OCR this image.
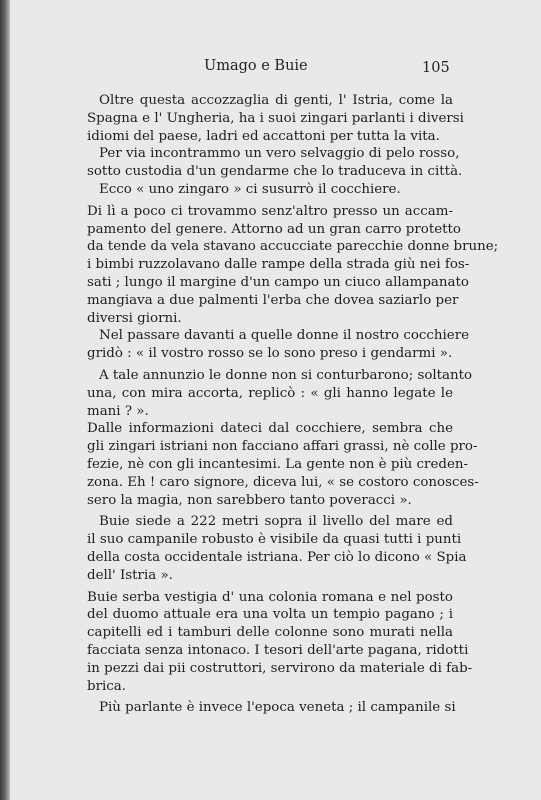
Umago e Buie	105

Oltre questa accozzaglia di genti, l' Istria, come la
Spagna e l' Ungheria, ha i suoi zingari parlanti i diversi
idiomi del paese, ladri ed accattoni per tutta la vita.

Per via incontrammo un vero selvaggio di pelo rosso,
sotto custodia d'un gendarme che lo traduceva in città.

Ecco « uno zingaro » ci susurrò il cocchiere.

Di lì a poco ci trovammo senz'altro presso un accam-
pamento del genere. Attorno ad un gran carro protetto
da tende da vela stavano accucciate parecchie donne brune;
i bimbi ruzzolavano dalle rampe della strada giù nei fos-
sati ; lungo il margine d'un campo un ciuco allampanato
mangiava a due palmenti l'erba che dovea saziarlo per
diversi giorni.

Nel passare davanti a quelle donne il nostro cocchiere
gridò : « il vostro rosso se lo sono preso i gendarmi ».

A tale annunzio le donne non si conturbarono; soltanto
una, con mira accorta, replicò : « gli hanno legate le
mani ? ».

Dalle informazioni dateci dal cocchiere, sembra che
gli zingari istriani non facciano affari grassi, nè colle pro-
fezie, nè con gli incantesimi. La gente non è più creden-
zona. Eh ! caro signore, diceva lui, « se costoro conosces-
sero la magia, non sarebbero tanto poveracci ».

Buie siede a 222 metri sopra il livello del mare ed
il suo campanile robusto è visibile da quasi tutti i punti
della costa occidentale istriana. Per ciò lo dicono « Spia
dell' Istria ».

Buie serba vestigia d' una colonia romana e nel posto
del duomo attuale era una volta un tempio pagano ; i
capitelli ed i tamburi delle colonne sono murati nella
facciata senza intonaco. I tesori dell'arte pagana, ridotti
in pezzi dai pii costruttori, servirono da materiale di fab-
brica.

Più parlante è invece l'epoca veneta ; il campanile si
